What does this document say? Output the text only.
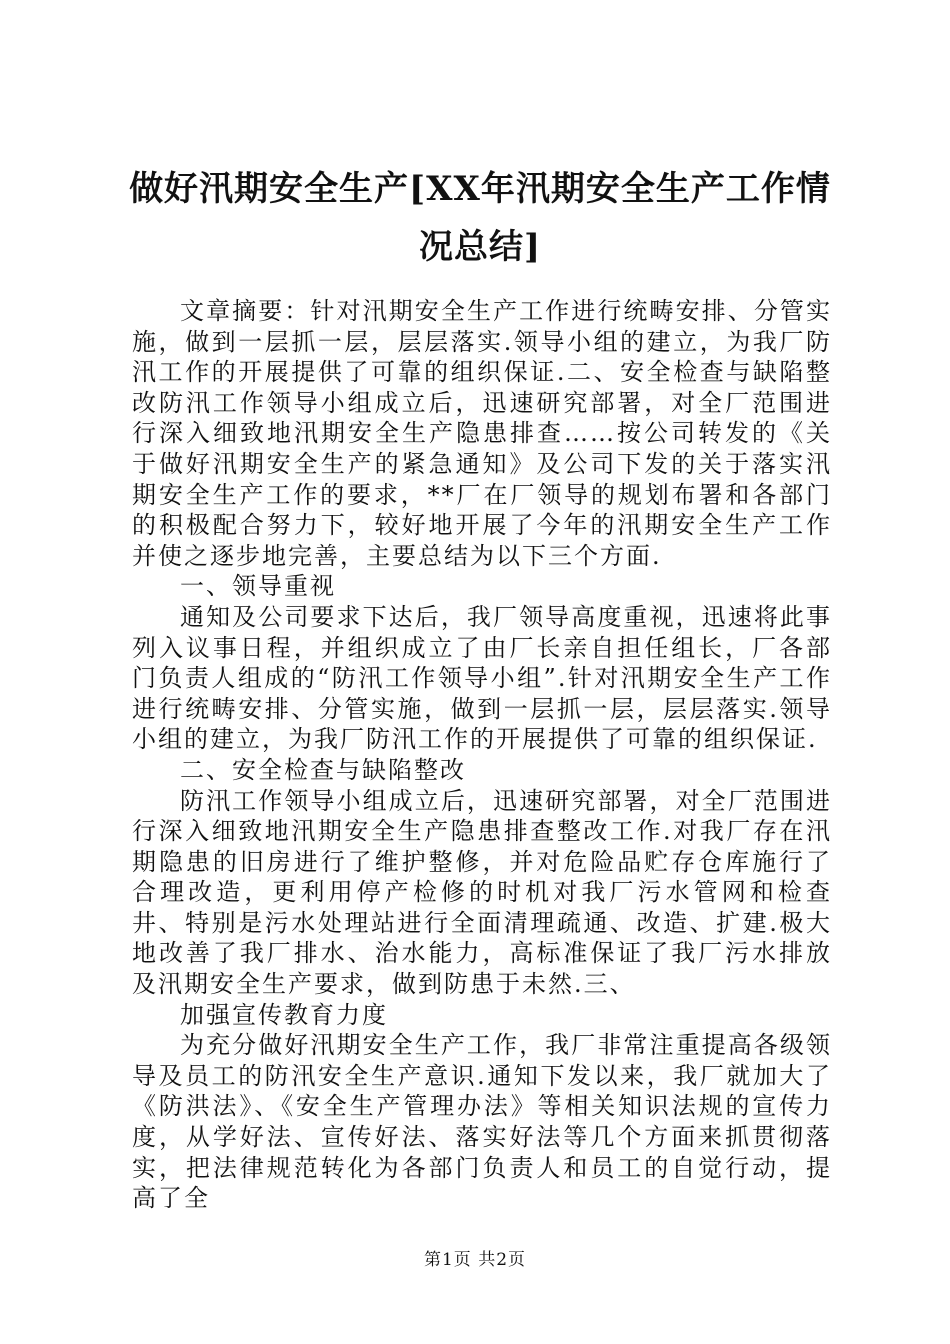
做好汛期安全生产[XX年汛期安全生产工作情况总结]

文章摘要：针对汛期安全生产工作进行统畴安排、分管实施，做到一层抓一层，层层落实.领导小组的建立，为我厂防汛工作的开展提供了可靠的组织保证.二、安全检查与缺陷整改防汛工作领导小组成立后，迅速研究部署，对全厂范围进行深入细致地汛期安全生产隐患排查……按公司转发的《关于做好汛期安全生产的紧急通知》及公司下发的关于落实汛期安全生产工作的要求，**厂在厂领导的规划布署和各部门的积极配合努力下，较好地开展了今年的汛期安全生产工作并使之逐步地完善，主要总结为以下三个方面.

一、领导重视

通知及公司要求下达后，我厂领导高度重视，迅速将此事列入议事日程，并组织成立了由厂长亲自担任组长，厂各部门负责人组成的“防汛工作领导小组”.针对汛期安全生产工作进行统畴安排、分管实施，做到一层抓一层，层层落实.领导小组的建立，为我厂防汛工作的开展提供了可靠的组织保证.

二、安全检查与缺陷整改

防汛工作领导小组成立后，迅速研究部署，对全厂范围进行深入细致地汛期安全生产隐患排查整改工作.对我厂存在汛期隐患的旧房进行了维护整修，并对危险品贮存仓库施行了合理改造，更利用停产检修的时机对我厂污水管网和检查井、特别是污水处理站进行全面清理疏通、改造、扩建.极大地改善了我厂排水、治水能力，高标准保证了我厂污水排放及汛期安全生产要求，做到防患于未然.三、

加强宣传教育力度

为充分做好汛期安全生产工作，我厂非常注重提高各级领导及员工的防汛安全生产意识.通知下发以来，我厂就加大了《防洪法》、《安全生产管理办法》等相关知识法规的宣传力度，从学好法、宣传好法、落实好法等几个方面来抓贯彻落实，把法律规范转化为各部门负责人和员工的自觉行动，提高了全

第1页 共2页
